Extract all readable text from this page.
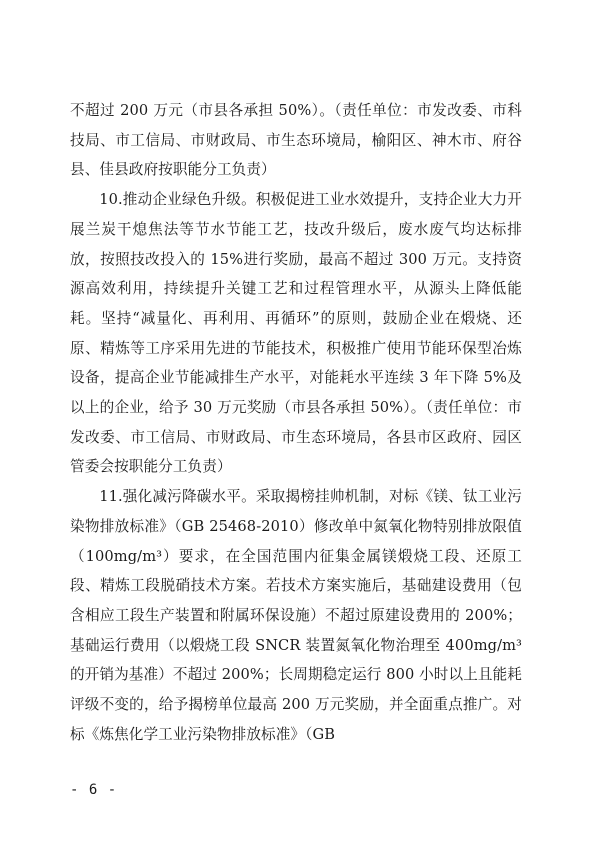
不超过 200 万元（市县各承担 50%）。（责任单位：市发改委、市科技局、市工信局、市财政局、市生态环境局，榆阳区、神木市、府谷县、佳县政府按职能分工负责）

10.推动企业绿色升级。积极促进工业水效提升，支持企业大力开展兰炭干熄焦法等节水节能工艺，技改升级后，废水废气均达标排放，按照技改投入的 15%进行奖励，最高不超过 300 万元。支持资源高效利用，持续提升关键工艺和过程管理水平，从源头上降低能耗。坚持“减量化、再利用、再循环”的原则，鼓励企业在煅烧、还原、精炼等工序采用先进的节能技术，积极推广使用节能环保型冶炼设备，提高企业节能减排生产水平，对能耗水平连续 3 年下降 5%及以上的企业，给予 30 万元奖励（市县各承担 50%）。（责任单位：市发改委、市工信局、市财政局、市生态环境局，各县市区政府、园区管委会按职能分工负责）

11.强化减污降碳水平。采取揭榜挂帅机制，对标《镁、钛工业污染物排放标准》（GB 25468-2010）修改单中氮氧化物特别排放限值（100mg/m³）要求，在全国范围内征集金属镁煅烧工段、还原工段、精炼工段脱硝技术方案。若技术方案实施后，基础建设费用（包含相应工段生产装置和附属环保设施）不超过原建设费用的 200%；基础运行费用（以煅烧工段 SNCR 装置氮氧化物治理至 400mg/m³的开销为基准）不超过 200%；长周期稳定运行 800 小时以上且能耗评级不变的，给予揭榜单位最高 200 万元奖励，并全面重点推广。对标《炼焦化学工业污染物排放标准》（GB

- 6 -
